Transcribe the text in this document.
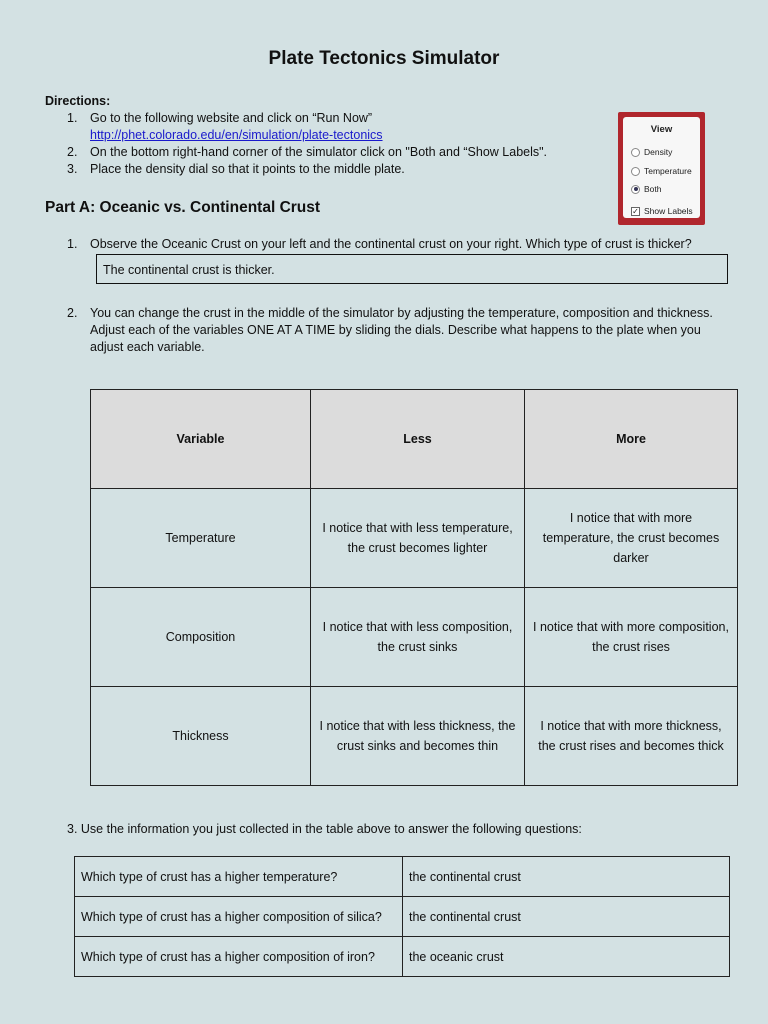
Plate Tectonics Simulator
Directions:
1.	Go to the following website and click on “Run Now”
http://phet.colorado.edu/en/simulation/plate-tectonics
2.	On the bottom right-hand corner of the simulator click on "Both and “Show Labels".
3.	Place the density dial so that it points to the middle plate.
View
Density
Temperature
Both
✓ Show Labels
Part A: Oceanic vs. Continental Crust
1.	Observe the Oceanic Crust on your left and the continental crust on your right. Which type of crust is thicker?
The continental crust is thicker.
2.	You can change the crust in the middle of the simulator by adjusting the temperature, composition and thickness. Adjust each of the variables ONE AT A TIME by sliding the dials. Describe what happens to the plate when you adjust each variable.
Variable	Less	More
Temperature	I notice that with less temperature, the crust becomes lighter	I notice that with more temperature, the crust becomes darker
Composition	I notice that with less composition, the crust sinks	I notice that with more composition, the crust rises
Thickness	I notice that with less thickness, the crust sinks and becomes thin	I notice that with more thickness, the crust rises and becomes thick
3. Use the information you just collected in the table above to answer the following questions:
Which type of crust has a higher temperature?	the continental crust
Which type of crust has a higher composition of silica?	the continental crust
Which type of crust has a higher composition of iron?	the oceanic crust
